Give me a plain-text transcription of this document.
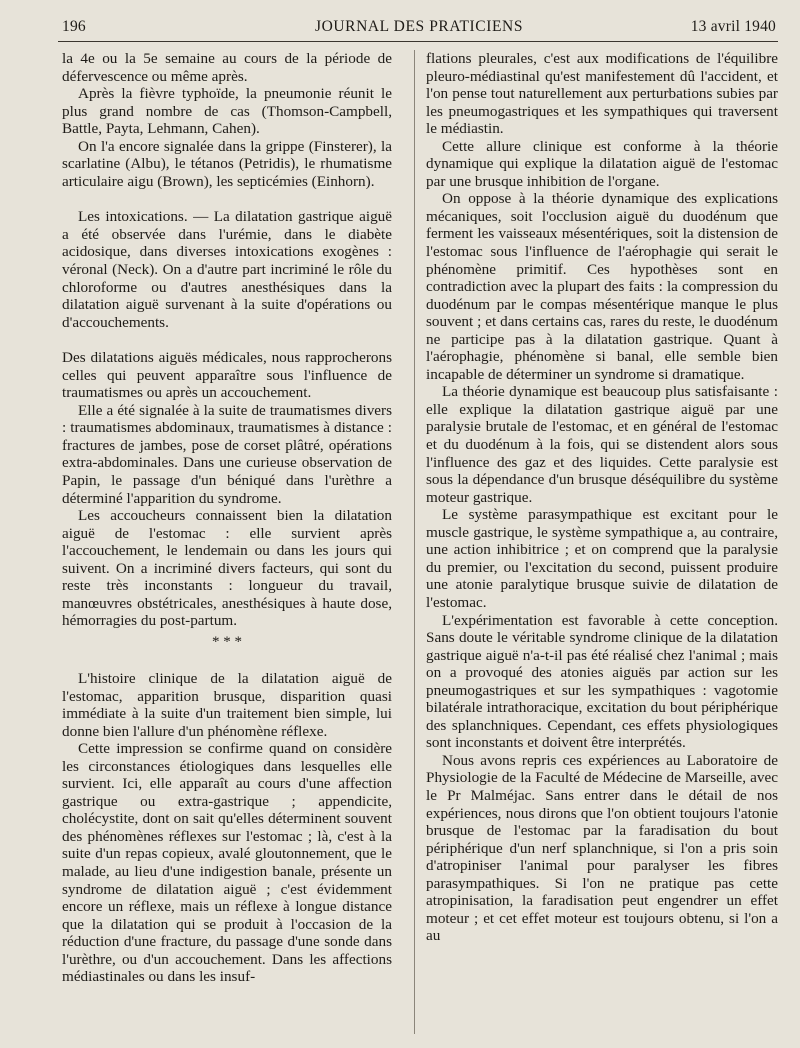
196	JOURNAL DES PRATICIENS	13 avril 1940

la 4e ou la 5e semaine au cours de la période de défervescence ou même après.

Après la fièvre typhoïde, la pneumonie réunit le plus grand nombre de cas (Thomson-Campbell, Battle, Payta, Lehmann, Cahen).

On l'a encore signalée dans la grippe (Finsterer), la scarlatine (Albu), le tétanos (Petridis), le rhumatisme articulaire aigu (Brown), les septicémies (Einhorn).

Les intoxications. — La dilatation gastrique aiguë a été observée dans l'urémie, dans le diabète acidosique, dans diverses intoxications exogènes : véronal (Neck). On a d'autre part incriminé le rôle du chloroforme ou d'autres anesthésiques dans la dilatation aiguë survenant à la suite d'opérations ou d'accouchements.

Des dilatations aiguës médicales, nous rapprocherons celles qui peuvent apparaître sous l'influence de traumatismes ou après un accouchement.

Elle a été signalée à la suite de traumatismes divers : traumatismes abdominaux, traumatismes à distance : fractures de jambes, pose de corset plâtré, opérations extra-abdominales. Dans une curieuse observation de Papin, le passage d'un béniqué dans l'urèthre a déterminé l'apparition du syndrome.

Les accoucheurs connaissent bien la dilatation aiguë de l'estomac : elle survient après l'accouchement, le lendemain ou dans les jours qui suivent. On a incriminé divers facteurs, qui sont du reste très inconstants : longueur du travail, manœuvres obstétricales, anesthésiques à haute dose, hémorragies du post-partum.

* * *

L'histoire clinique de la dilatation aiguë de l'estomac, apparition brusque, disparition quasi immédiate à la suite d'un traitement bien simple, lui donne bien l'allure d'un phénomène réflexe.

Cette impression se confirme quand on considère les circonstances étiologiques dans lesquelles elle survient. Ici, elle apparaît au cours d'une affection gastrique ou extra-gastrique ; appendicite, cholécystite, dont on sait qu'elles déterminent souvent des phénomènes réflexes sur l'estomac ; là, c'est à la suite d'un repas copieux, avalé gloutonnement, que le malade, au lieu d'une indigestion banale, présente un syndrome de dilatation aiguë ; c'est évidemment encore un réflexe, mais un réflexe à longue distance que la dilatation qui se produit à l'occasion de la réduction d'une fracture, du passage d'une sonde dans l'urèthre, ou d'un accouchement. Dans les affections médiastinales ou dans les insuf-

flations pleurales, c'est aux modifications de l'équilibre pleuro-médiastinal qu'est manifestement dû l'accident, et l'on pense tout naturellement aux perturbations subies par les pneumogastriques et les sympathiques qui traversent le médiastin.

Cette allure clinique est conforme à la théorie dynamique qui explique la dilatation aiguë de l'estomac par une brusque inhibition de l'organe.

On oppose à la théorie dynamique des explications mécaniques, soit l'occlusion aiguë du duodénum que ferment les vaisseaux mésentériques, soit la distension de l'estomac sous l'influence de l'aérophagie qui serait le phénomène primitif. Ces hypothèses sont en contradiction avec la plupart des faits : la compression du duodénum par le compas mésentérique manque le plus souvent ; et dans certains cas, rares du reste, le duodénum ne participe pas à la dilatation gastrique. Quant à l'aérophagie, phénomène si banal, elle semble bien incapable de déterminer un syndrome si dramatique.

La théorie dynamique est beaucoup plus satisfaisante : elle explique la dilatation gastrique aiguë par une paralysie brutale de l'estomac, et en général de l'estomac et du duodénum à la fois, qui se distendent alors sous l'influence des gaz et des liquides. Cette paralysie est sous la dépendance d'un brusque déséquilibre du système moteur gastrique.

Le système parasympathique est excitant pour le muscle gastrique, le système sympathique a, au contraire, une action inhibitrice ; et on comprend que la paralysie du premier, ou l'excitation du second, puissent produire une atonie paralytique brusque suivie de dilatation de l'estomac.

L'expérimentation est favorable à cette conception. Sans doute le véritable syndrome clinique de la dilatation gastrique aiguë n'a-t-il pas été réalisé chez l'animal ; mais on a provoqué des atonies aiguës par action sur les pneumogastriques et sur les sympathiques : vagotomie bilatérale intrathoracique, excitation du bout périphérique des splanchniques. Cependant, ces effets physiologiques sont inconstants et doivent être interprétés.

Nous avons repris ces expériences au Laboratoire de Physiologie de la Faculté de Médecine de Marseille, avec le Pr Malméjac. Sans entrer dans le détail de nos expériences, nous dirons que l'on obtient toujours l'atonie brusque de l'estomac par la faradisation du bout périphérique d'un nerf splanchnique, si l'on a pris soin d'atropiniser l'animal pour paralyser les fibres parasympathiques. Si l'on ne pratique pas cette atropinisation, la faradisation peut engendrer un effet moteur ; et cet effet moteur est toujours obtenu, si l'on a au
